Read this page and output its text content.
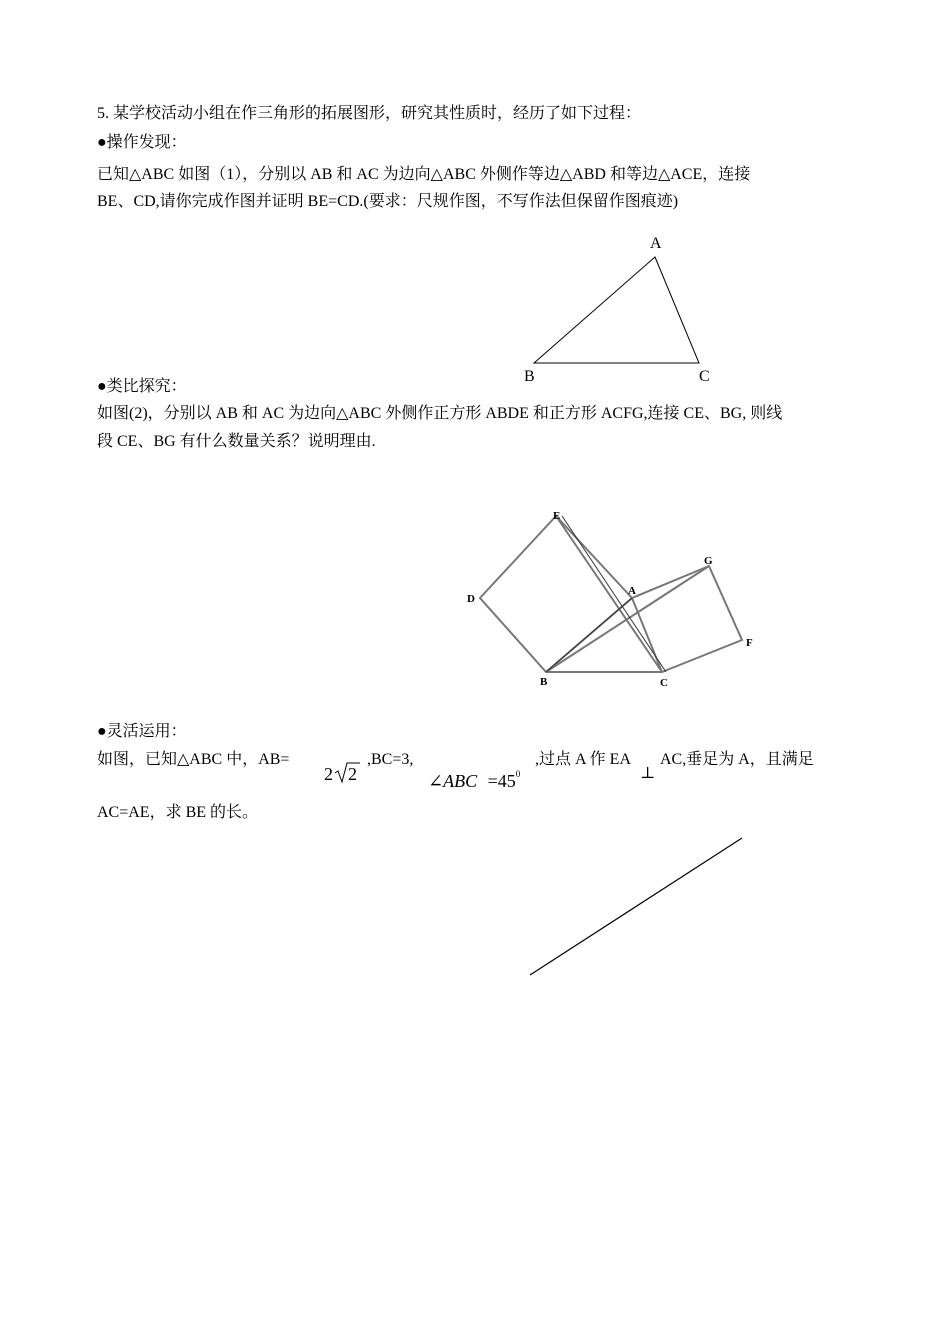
5. 某学校活动小组在作三角形的拓展图形，研究其性质时，经历了如下过程：
●操作发现：
已知△ABC 如图（1），分别以 AB 和 AC 为边向△ABC 外侧作等边△ABD 和等边△ACE，连接
BE、CD,请你完成作图并证明 BE=CD.(要求：尺规作图，不写作法但保留作图痕迹)
A
B	C
●类比探究：
如图(2)，分别以 AB 和 AC 为边向△ABC 外侧作正方形 ABDE 和正方形 ACFG,连接 CE、BG, 则线
段 CE、BG 有什么数量关系？说明理由.
E
A
G
D
F
B	C
●灵活运用：
如图，已知△ABC 中，AB=
2 2
,BC=3,
∠ABC $=45^0$
,过点 A 作 EA
⊥
AC,垂足为 A，且满足
AC=AE，求 BE 的长。
